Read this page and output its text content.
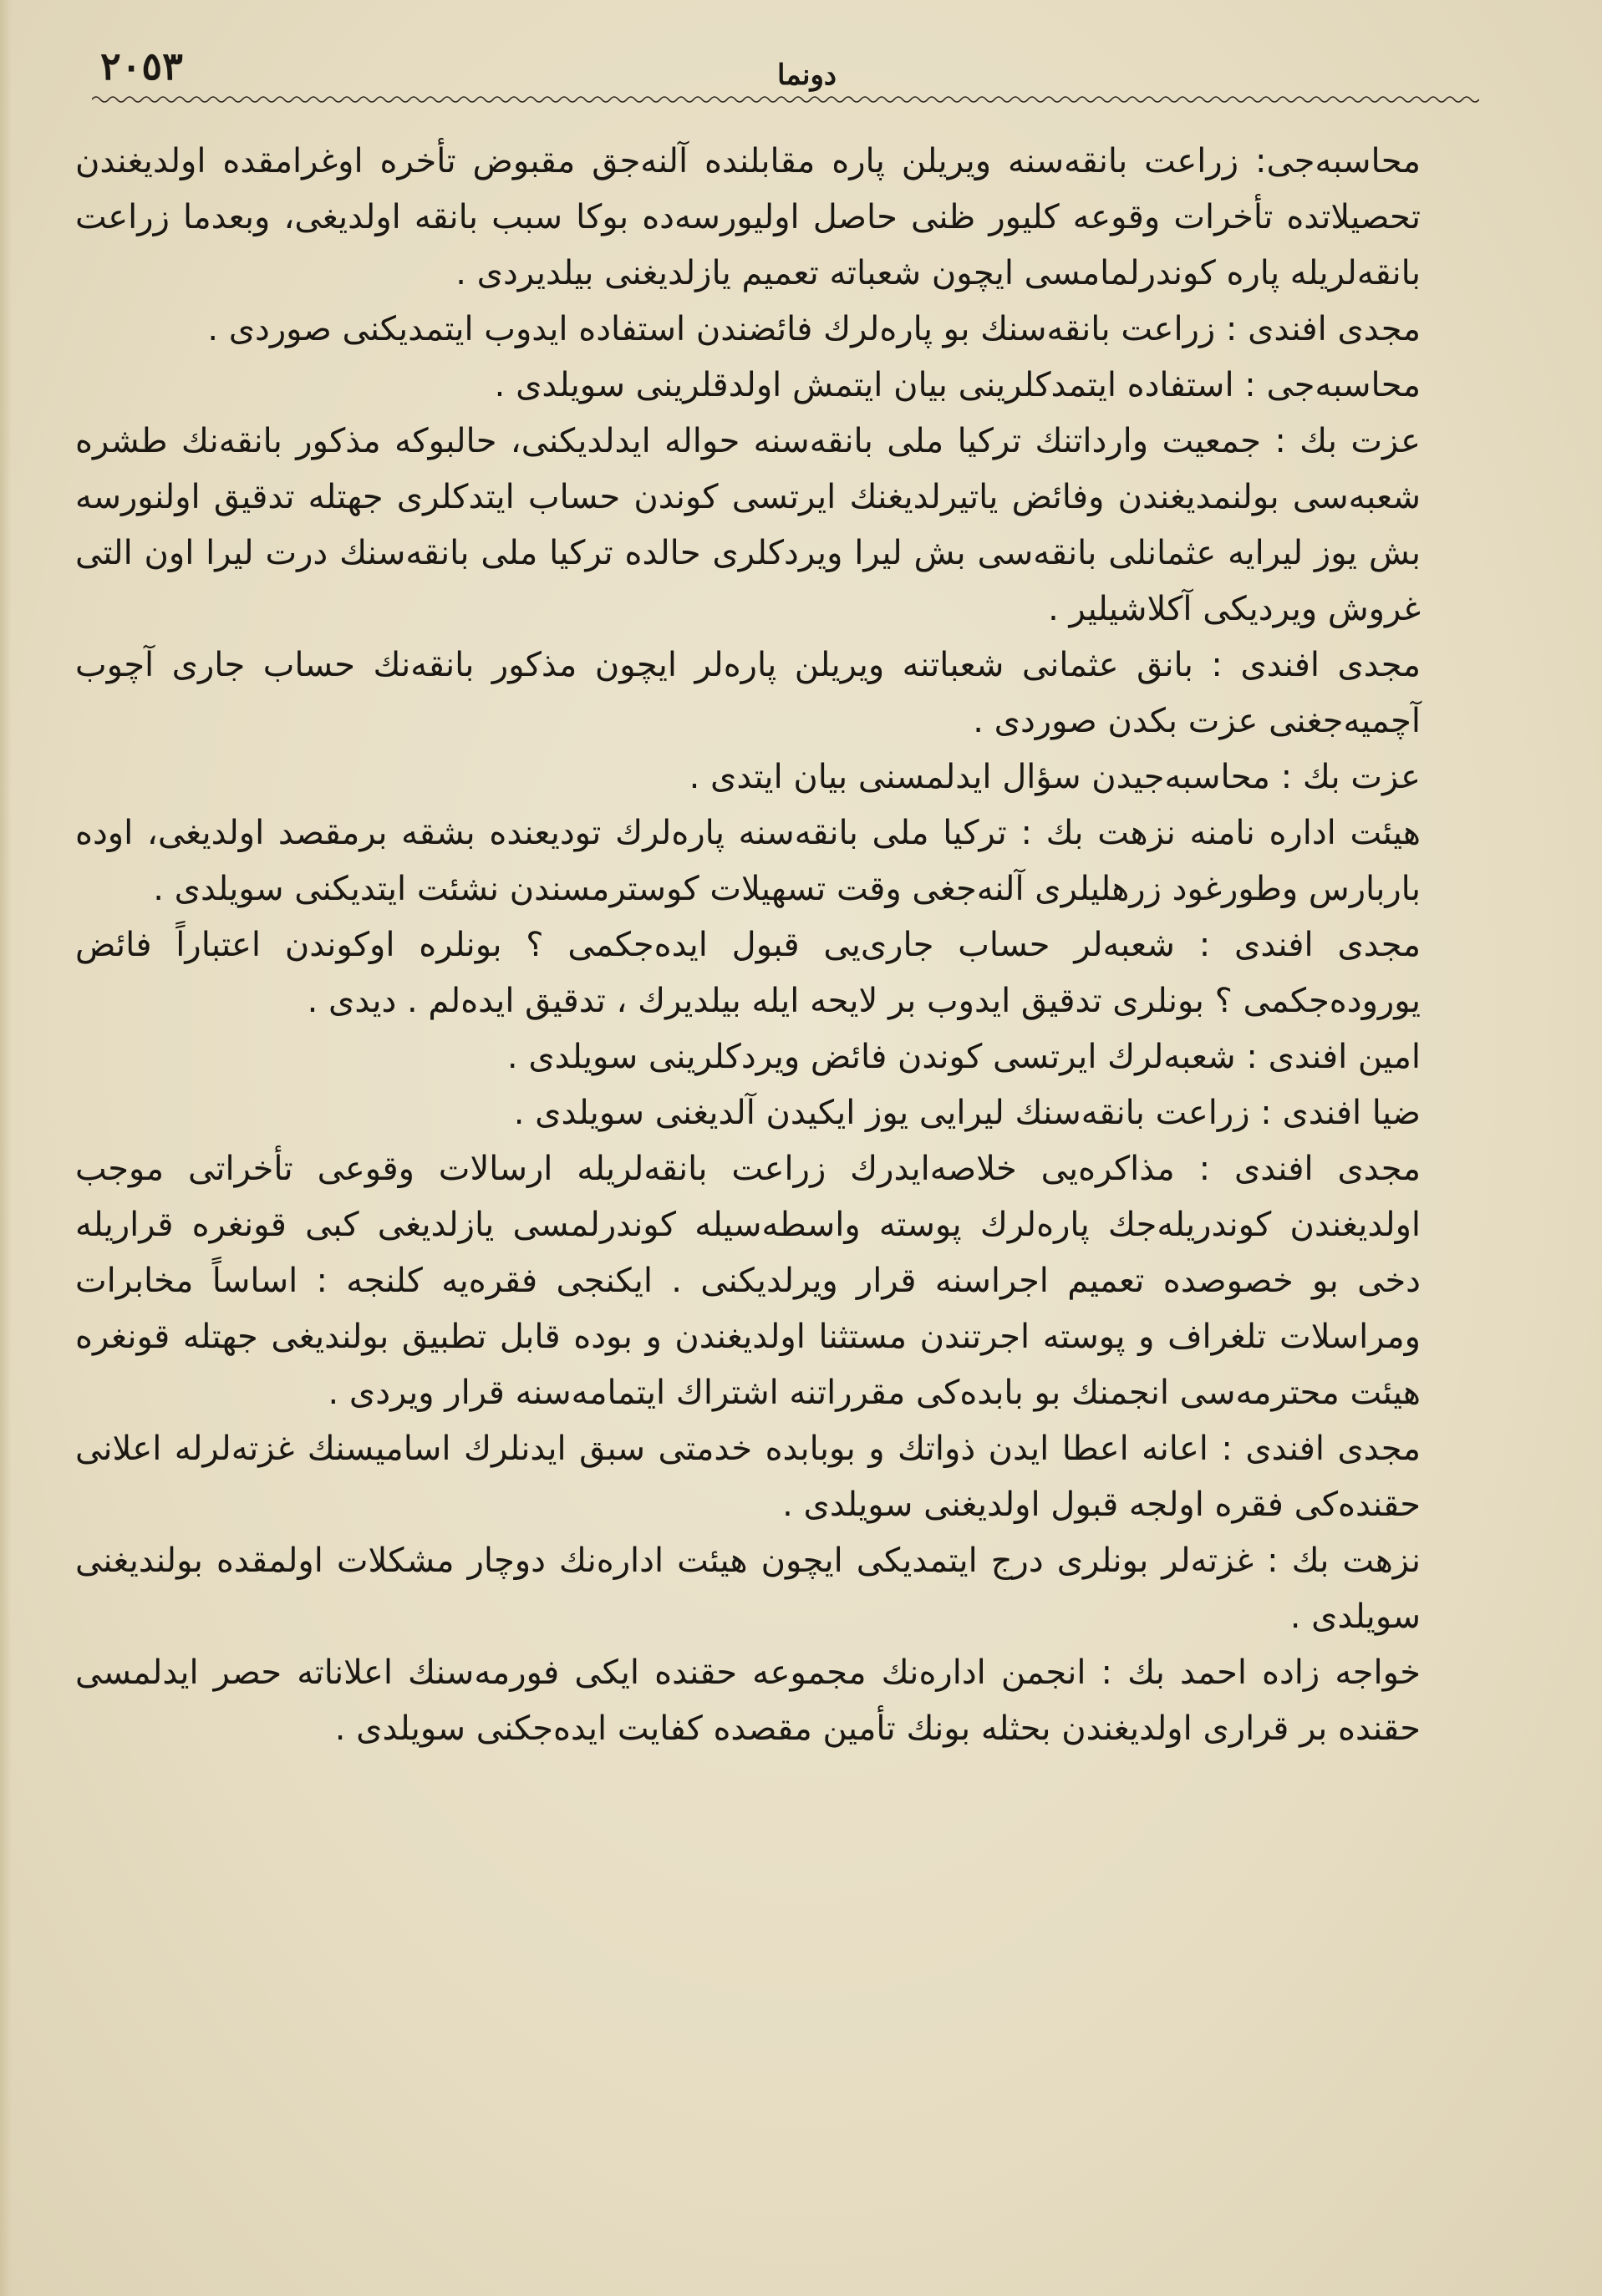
٢٠٥٣	دونما

محاسبه‌جی: زراعت بانقه‌سنه ویریلن پاره مقابلنده آلنه‌جق مقبوض تأخره اوغرامقده اولدیغندن تحصیلاتده تأخرات وقوعه کلیور ظنی حاصل اولیورسه‌ده بوکا سبب بانقه اولدیغی، وبعدما زراعت بانقه‌لریله پاره کوندرلمامسی ایچون شعباته تعمیم یازلدیغنی بیلدیردی .

مجدی افندی : زراعت بانقه‌سنك بو پاره‌لرك فائضندن استفاده ایدوب ایتمدیکنی صوردی .

محاسبه‌جی : استفاده ایتمدکلرینی بیان ایتمش اولدقلرینی سویلدی .

عزت بك : جمعیت وارداتنك ترکیا ملی بانقه‌سنه حواله ایدلدیکنی، حالبوکه مذکور بانقه‌نك طشره شعبه‌سی بولنمدیغندن وفائض یاتیرلدیغنك ایرتسی کوندن حساب ایتدکلری جهتله تدقیق اولنورسه بش یوز لیرایه عثمانلی بانقه‌سی بش لیرا ویردکلری حالده ترکیا ملی بانقه‌سنك درت لیرا اون التی غروش ویردیکی آکلاشیلیر .

مجدی افندی : بانق عثمانی شعباتنه ویریلن پاره‌لر ایچون مذکور بانقه‌نك حساب جاری آچوب آچمیه‌جغنی عزت بکدن صوردی .

عزت بك : محاسبه‌جیدن سؤال ایدلمسنی بیان ایتدی .

هیئت اداره نامنه نزهت بك : ترکیا ملی بانقه‌سنه پاره‌لرك تودیعنده بشقه برمقصد اولدیغی، اوده باربارس وطورغود زرهلیلری آلنه‌جغی وقت تسهیلات کوسترمسندن نشئت ایتدیکنی سویلدی .

مجدی افندی : شعبه‌لر حساب جاری‌یی قبول ایده‌جکمی ؟ بونلره اوکوندن اعتباراً فائض یوروده‌جکمی ؟ بونلری تدقیق ایدوب بر لایحه ایله بیلدیرك ، تدقیق ایده‌لم . دیدی .

امین افندی : شعبه‌لرك ایرتسی کوندن فائض ویردکلرینی سویلدی .

ضیا افندی : زراعت بانقه‌سنك لیرایی یوز ایکیدن آلدیغنی سویلدی .

مجدی افندی : مذاکره‌یی خلاصه‌ایدرك زراعت بانقه‌لریله ارسالات وقوعی تأخراتی موجب اولدیغندن کوندریله‌جك پاره‌لرك پوسته واسطه‌سیله کوندرلمسی یازلدیغی کبی قونغره قراریله دخی بو خصوصده تعمیم اجراسنه قرار ویرلدیکنی . ایکنجی فقره‌یه کلنجه : اساساً مخابرات ومراسلات تلغراف و پوسته اجرتندن مستثنا اولدیغندن و بوده قابل تطبیق بولندیغی جهتله قونغره هیئت محترمه‌سی انجمنك بو بابده‌کی مقرراتنه اشتراك ایتمامه‌سنه قرار ویردی .

مجدی افندی : اعانه اعطا ایدن ذواتك و بوبابده خدمتی سبق ایدنلرك اسامیسنك غزته‌لرله اعلانی حقنده‌کی فقره اولجه قبول اولدیغنی سویلدی .

نزهت بك : غزته‌لر بونلری درج ایتمدیکی ایچون هیئت اداره‌نك دوچار مشکلات اولمقده بولندیغنی سویلدی .

خواجه زاده احمد بك : انجمن اداره‌نك مجموعه حقنده ایکی فورمه‌سنك اعلاناته حصر ایدلمسی حقنده بر قراری اولدیغندن بحثله بونك تأمین مقصده کفایت ایده‌جکنی سویلدی .
